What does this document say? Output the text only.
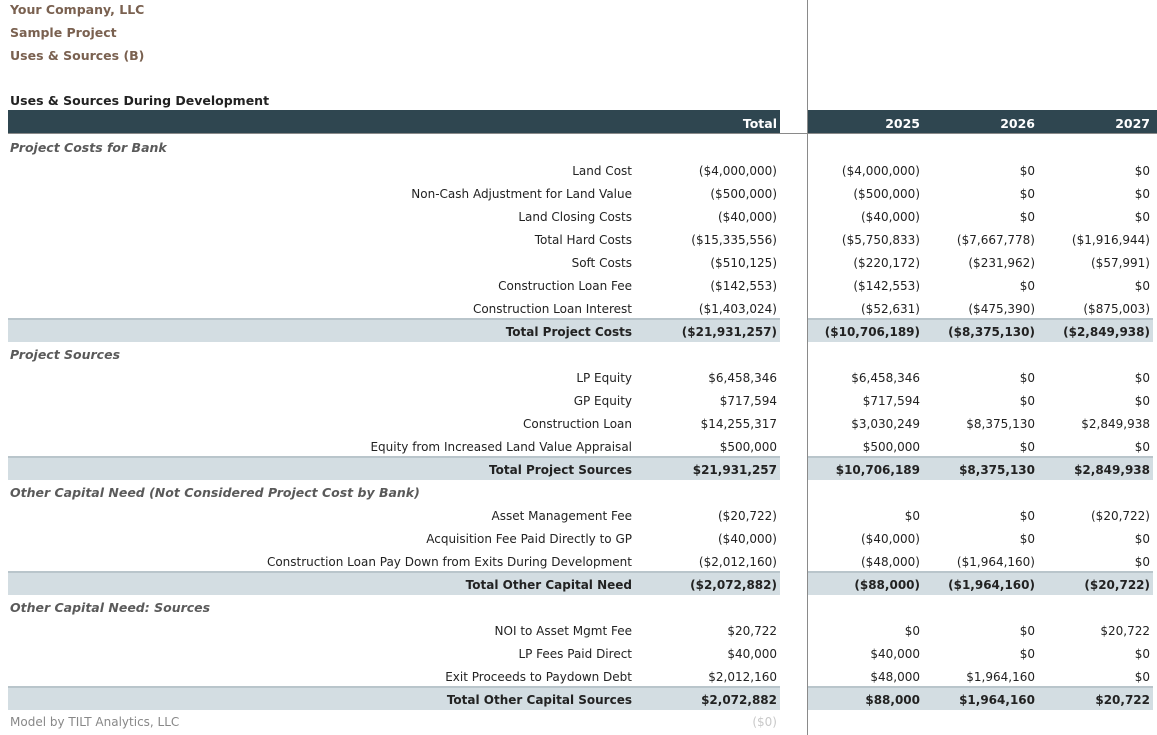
Your Company, LLC
Sample Project
Uses & Sources (B)
Uses & Sources During Development
Total	2025	2026	2027
Project Costs for Bank
Land Cost	($4,000,000)	($4,000,000)	$0	$0
Non-Cash Adjustment for Land Value	($500,000)	($500,000)	$0	$0
Land Closing Costs	($40,000)	($40,000)	$0	$0
Total Hard Costs	($15,335,556)	($5,750,833)	($7,667,778)	($1,916,944)
Soft Costs	($510,125)	($220,172)	($231,962)	($57,991)
Construction Loan Fee	($142,553)	($142,553)	$0	$0
Construction Loan Interest	($1,403,024)	($52,631)	($475,390)	($875,003)
Total Project Costs	($21,931,257)	($10,706,189) ($8,375,130) ($2,849,938)
Project Sources
LP Equity	$6,458,346	$6,458,346	$0	$0
GP Equity	$717,594	$717,594	$0	$0
Construction Loan	$14,255,317	$3,030,249	$8,375,130	$2,849,938
Equity from Increased Land Value Appraisal	$500,000	$500,000	$0	$0
Total Project Sources	$21,931,257	$10,706,189	$8,375,130	$2,849,938
Other Capital Need (Not Considered Project Cost by Bank)
Asset Management Fee	($20,722)	$0	$0	($20,722)
Acquisition Fee Paid Directly to GP	($40,000)	($40,000)	$0	$0
Construction Loan Pay Down from Exits During Development	($2,012,160)	($48,000)	($1,964,160)	$0
Total Other Capital Need	($2,072,882)	($88,000) ($1,964,160)	($20,722)
Other Capital Need: Sources
NOI to Asset Mgmt Fee	$20,722	$0	$0	$20,722
LP Fees Paid Direct	$40,000	$40,000	$0	$0
Exit Proceeds to Paydown Debt	$2,012,160	$48,000	$1,964,160	$0
Total Other Capital Sources	$2,072,882	$88,000	$1,964,160	$20,722
Model by TILT Analytics, LLC	($0)
